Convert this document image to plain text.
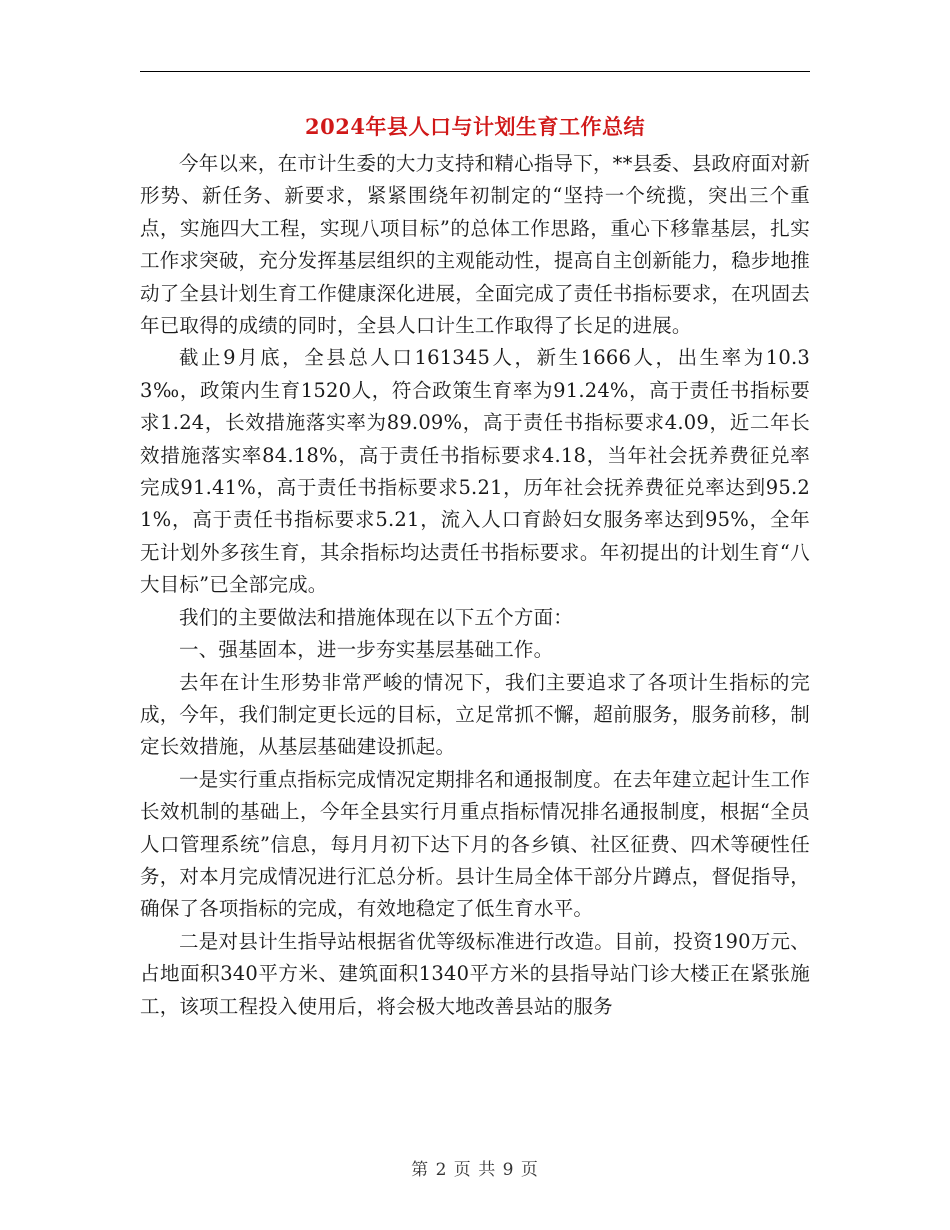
2024年县人口与计划生育工作总结

今年以来，在市计生委的大力支持和精心指导下，**县委、县政府面对新形势、新任务、新要求，紧紧围绕年初制定的“坚持一个统揽，突出三个重点，实施四大工程，实现八项目标”的总体工作思路，重心下移靠基层，扎实工作求突破，充分发挥基层组织的主观能动性，提高自主创新能力，稳步地推动了全县计划生育工作健康深化进展，全面完成了责任书指标要求，在巩固去年已取得的成绩的同时，全县人口计生工作取得了长足的进展。

截止9月底，全县总人口161345人，新生1666人，出生率为10.33‰，政策内生育1520人，符合政策生育率为91.24%，高于责任书指标要求1.24，长效措施落实率为89.09%，高于责任书指标要求4.09，近二年长效措施落实率84.18%，高于责任书指标要求4.18，当年社会抚养费征兑率完成91.41%，高于责任书指标要求5.21，历年社会抚养费征兑率达到95.21%，高于责任书指标要求5.21，流入人口育龄妇女服务率达到95%，全年无计划外多孩生育，其余指标均达责任书指标要求。年初提出的计划生育“八大目标”已全部完成。

我们的主要做法和措施体现在以下五个方面：

一、强基固本，进一步夯实基层基础工作。

去年在计生形势非常严峻的情况下，我们主要追求了各项计生指标的完成，今年，我们制定更长远的目标，立足常抓不懈，超前服务，服务前移，制定长效措施，从基层基础建设抓起。

一是实行重点指标完成情况定期排名和通报制度。在去年建立起计生工作长效机制的基础上，今年全县实行月重点指标情况排名通报制度，根据“全员人口管理系统”信息，每月月初下达下月的各乡镇、社区征费、四术等硬性任务，对本月完成情况进行汇总分析。县计生局全体干部分片蹲点，督促指导，确保了各项指标的完成，有效地稳定了低生育水平。

二是对县计生指导站根据省优等级标准进行改造。目前，投资190万元、占地面积340平方米、建筑面积1340平方米的县指导站门诊大楼正在紧张施工，该项工程投入使用后，将会极大地改善县站的服务

第 2 页 共 9 页
